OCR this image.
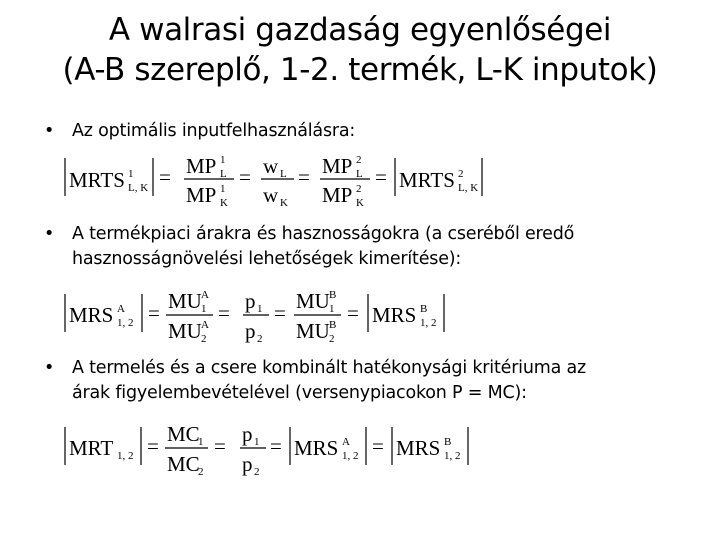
A walrasi gazdaság egyenlőségei
(A-B szereplő, 1-2. termék, L-K inputok)
• Az optimális inputfelhasználásra:
MRTS 1
L, K = MP 1
L
MP 1
K
= w L
w K
= MP 2
L
MP 2
K
= MRTS 2
L, K
• A termékpiaci árakra és hasznosságokra (a cseréből eredő
hasznosságnövelési lehetőségek kimerítése):
MRS A
1, 2 = MU A
1
MU A
2
= p 1
p 2
= MU B
1
MU B
2
= MRS B
1, 2
• A termelés és a csere kombinált hatékonysági kritériuma az
árak figyelembevételével (versenypiacokon P = MC):
MRT 1, 2 = MC
1
MC
2
= p 1
p 2
= MRS A
1, 2 = MRS B
1, 2
